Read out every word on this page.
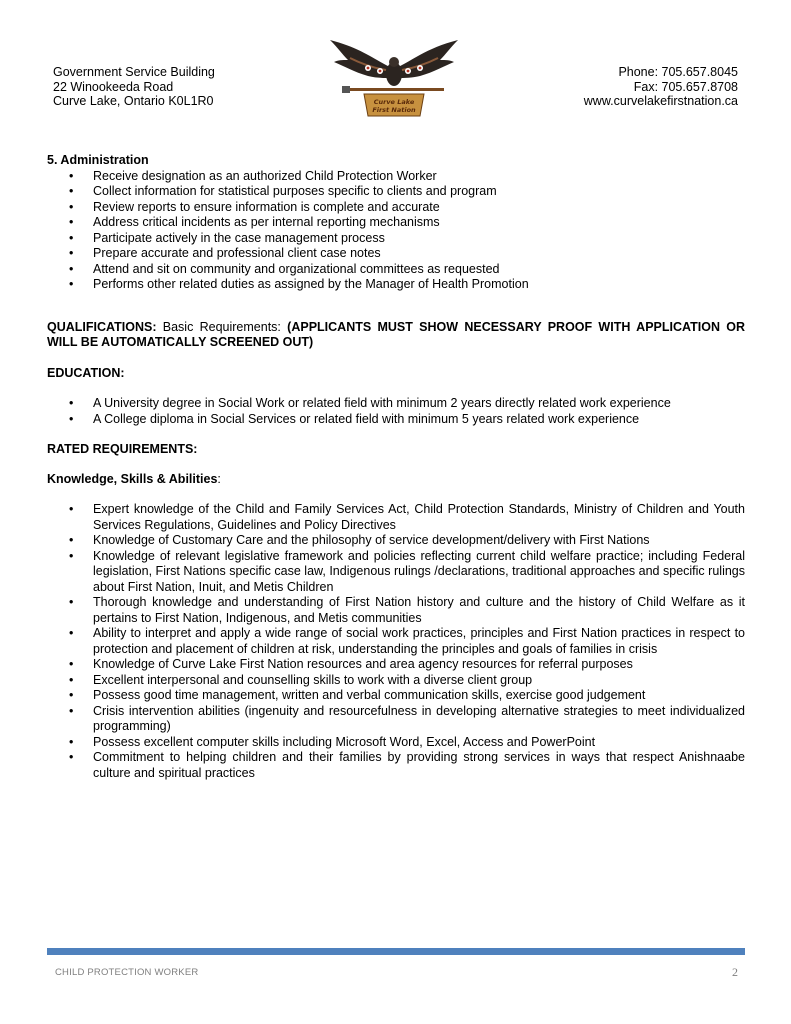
Government Service Building
22 Winookeeda Road
Curve Lake, Ontario K0L1R0	Curve Lake
First Nation
Phone: 705.657.8045
Fax: 705.657.8708
www.curvelakefirstnation.ca

5. Administration

• Receive designation as an authorized Child Protection Worker
• Collect information for statistical purposes specific to clients and program
• Review reports to ensure information is complete and accurate
• Address critical incidents as per internal reporting mechanisms
• Participate actively in the case management process
• Prepare accurate and professional client case notes
• Attend and sit on community and organizational committees as requested
• Performs other related duties as assigned by the Manager of Health Promotion

QUALIFICATIONS: Basic Requirements: (APPLICANTS MUST SHOW NECESSARY PROOF WITH APPLICATION OR WILL BE AUTOMATICALLY SCREENED OUT)

EDUCATION:

• A University degree in Social Work or related field with minimum 2 years directly related work experience
• A College diploma in Social Services or related field with minimum 5 years related work experience

RATED REQUIREMENTS:

Knowledge, Skills & Abilities:

• Expert knowledge of the Child and Family Services Act, Child Protection Standards, Ministry of Children and Youth Services Regulations, Guidelines and Policy Directives
• Knowledge of Customary Care and the philosophy of service development/delivery with First Nations
• Knowledge of relevant legislative framework and policies reflecting current child welfare practice; including Federal legislation, First Nations specific case law, Indigenous rulings /declarations, traditional approaches and specific rulings about First Nation, Inuit, and Metis Children
• Thorough knowledge and understanding of First Nation history and culture and the history of Child Welfare as it pertains to First Nation, Indigenous, and Metis communities
• Ability to interpret and apply a wide range of social work practices, principles and First Nation practices in respect to protection and placement of children at risk, understanding the principles and goals of families in crisis
• Knowledge of Curve Lake First Nation resources and area agency resources for referral purposes
• Excellent interpersonal and counselling skills to work with a diverse client group
• Possess good time management, written and verbal communication skills, exercise good judgement
• Crisis intervention abilities (ingenuity and resourcefulness in developing alternative strategies to meet individualized programming)
• Possess excellent computer skills including Microsoft Word, Excel, Access and PowerPoint
• Commitment to helping children and their families by providing strong services in ways that respect Anishnaabe culture and spiritual practices
CHILD PROTECTION WORKER	2
